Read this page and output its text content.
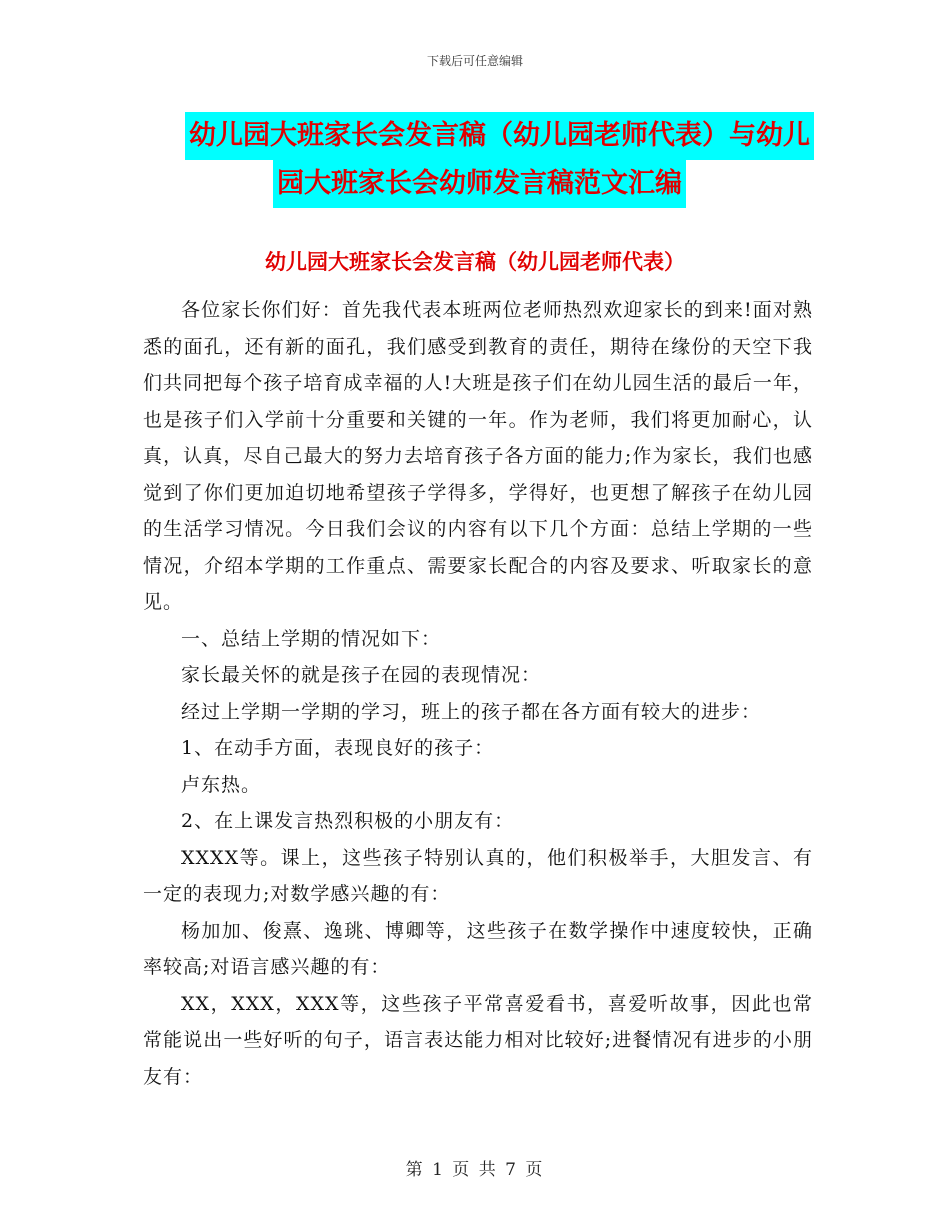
下载后可任意编辑
幼儿园大班家长会发言稿（幼儿园老师代表）与幼儿
园大班家长会幼师发言稿范文汇编
幼儿园大班家长会发言稿（幼儿园老师代表）

各位家长你们好：首先我代表本班两位老师热烈欢迎家长的到来!面对熟悉的面孔，还有新的面孔，我们感受到教育的责任，期待在缘份的天空下我们共同把每个孩子培育成幸福的人!大班是孩子们在幼儿园生活的最后一年，也是孩子们入学前十分重要和关键的一年。作为老师，我们将更加耐心，认真，认真，尽自己最大的努力去培育孩子各方面的能力;作为家长，我们也感觉到了你们更加迫切地希望孩子学得多，学得好，也更想了解孩子在幼儿园的生活学习情况。今日我们会议的内容有以下几个方面：总结上学期的一些情况，介绍本学期的工作重点、需要家长配合的内容及要求、听取家长的意见。

一、总结上学期的情况如下：

家长最关怀的就是孩子在园的表现情况：

经过上学期一学期的学习，班上的孩子都在各方面有较大的进步：

1、在动手方面，表现良好的孩子：

卢东热。

2、在上课发言热烈积极的小朋友有：

XXXX等。课上，这些孩子特别认真的，他们积极举手，大胆发言、有一定的表现力;对数学感兴趣的有：

杨加加、俊熹、逸珧、博卿等，这些孩子在数学操作中速度较快，正确率较高;对语言感兴趣的有：

XX，XXX，XXX等，这些孩子平常喜爱看书，喜爱听故事，因此也常常能说出一些好听的句子，语言表达能力相对比较好;进餐情况有进步的小朋友有：

第 1 页 共 7 页
